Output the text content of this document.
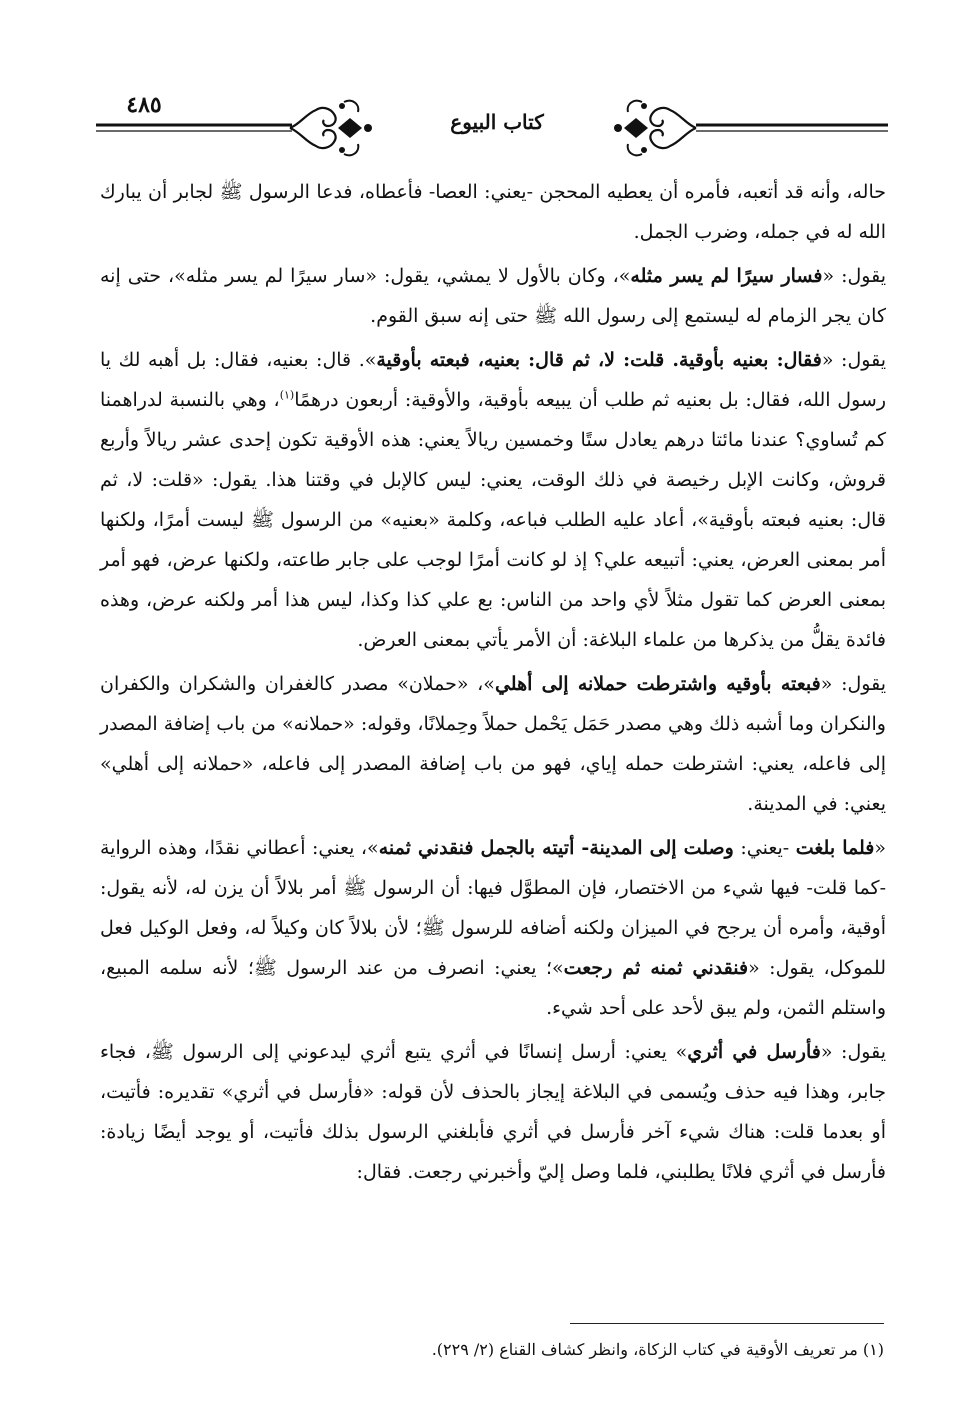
٤٨٥
كتاب البيوع

حاله، وأنه قد أتعبه، فأمره أن يعطيه المحجن -يعني: العصا- فأعطاه، فدعا الرسول ﷺ لجابر أن يبارك الله له في جمله، وضرب الجمل.

يقول: «فسار سيرًا لم يسر مثله»، وكان بالأول لا يمشي، يقول: «سار سيرًا لم يسر مثله»، حتى إنه كان يجر الزمام له ليستمع إلى رسول الله ﷺ حتى إنه سبق القوم.

يقول: «فقال: بعنيه بأوقية. قلت: لا، ثم قال: بعنيه، فبعته بأوقية». قال: بعنيه، فقال: بل أهبه لك يا رسول الله، فقال: بل بعنيه ثم طلب أن يبيعه بأوقية، والأوقية: أربعون درهمًا$^{(١)}$، وهي بالنسبة لدراهمنا كم تُساوي؟ عندنا مائتا درهم يعادل ستًا وخمسين ريالاً يعني: هذه الأوقية تكون إحدى عشر ريالاً وأربع قروش، وكانت الإبل رخيصة في ذلك الوقت، يعني: ليس كالإبل في وقتنا هذا. يقول: «قلت: لا، ثم قال: بعنيه فبعته بأوقية»، أعاد عليه الطلب فباعه، وكلمة «بعنيه» من الرسول ﷺ ليست أمرًا، ولكنها أمر بمعنى العرض، يعني: أتبيعه علي؟ إذ لو كانت أمرًا لوجب على جابر طاعته، ولكنها عرض، فهو أمر بمعنى العرض كما تقول مثلاً لأي واحد من الناس: بع علي كذا وكذا، ليس هذا أمر ولكنه عرض، وهذه فائدة يقلُّ من يذكرها من علماء البلاغة: أن الأمر يأتي بمعنى العرض.

يقول: «فبعته بأوقيه واشترطت حملانه إلى أهلي»، «حملان» مصدر كالغفران والشكران والكفران والنكران وما أشبه ذلك وهي مصدر حَمَل يَحْمل حملاً وحِملانًا، وقوله: «حملانه» من باب إضافة المصدر إلى فاعله، يعني: اشترطت حمله إياي، فهو من باب إضافة المصدر إلى فاعله، «حملانه إلى أهلي» يعني: في المدينة.

«فلما بلغت -يعني: وصلت إلى المدينة- أتيته بالجمل فنقدني ثمنه»، يعني: أعطاني نقدًا، وهذه الرواية -كما قلت- فيها شيء من الاختصار، فإن المطوَّل فيها: أن الرسول ﷺ أمر بلالاً أن يزن له، لأنه يقول: أوقية، وأمره أن يرجح في الميزان ولكنه أضافه للرسول ﷺ؛ لأن بلالاً كان وكيلاً له، وفعل الوكيل فعل للموكل، يقول: «فنقدني ثمنه ثم رجعت»؛ يعني: انصرف من عند الرسول ﷺ؛ لأنه سلمه المبيع، واستلم الثمن، ولم يبق لأحد على أحد شيء.

يقول: «فأرسل في أثري» يعني: أرسل إنسانًا في أثري يتبع أثري ليدعوني إلى الرسول ﷺ، فجاء جابر، وهذا فيه حذف ويُسمى في البلاغة إيجاز بالحذف لأن قوله: «فأرسل في أثري» تقديره: فأتيت، أو بعدما قلت: هناك شيء آخر فأرسل في أثري فأبلغني الرسول بذلك فأتيت، أو يوجد أيضًا زيادة: فأرسل في أثري فلانًا يطلبني، فلما وصل إليّ وأخبرني رجعت. فقال:

(١) مر تعريف الأوقية في كتاب الزكاة، وانظر كشاف القناع (٢/ ٢٢٩).
